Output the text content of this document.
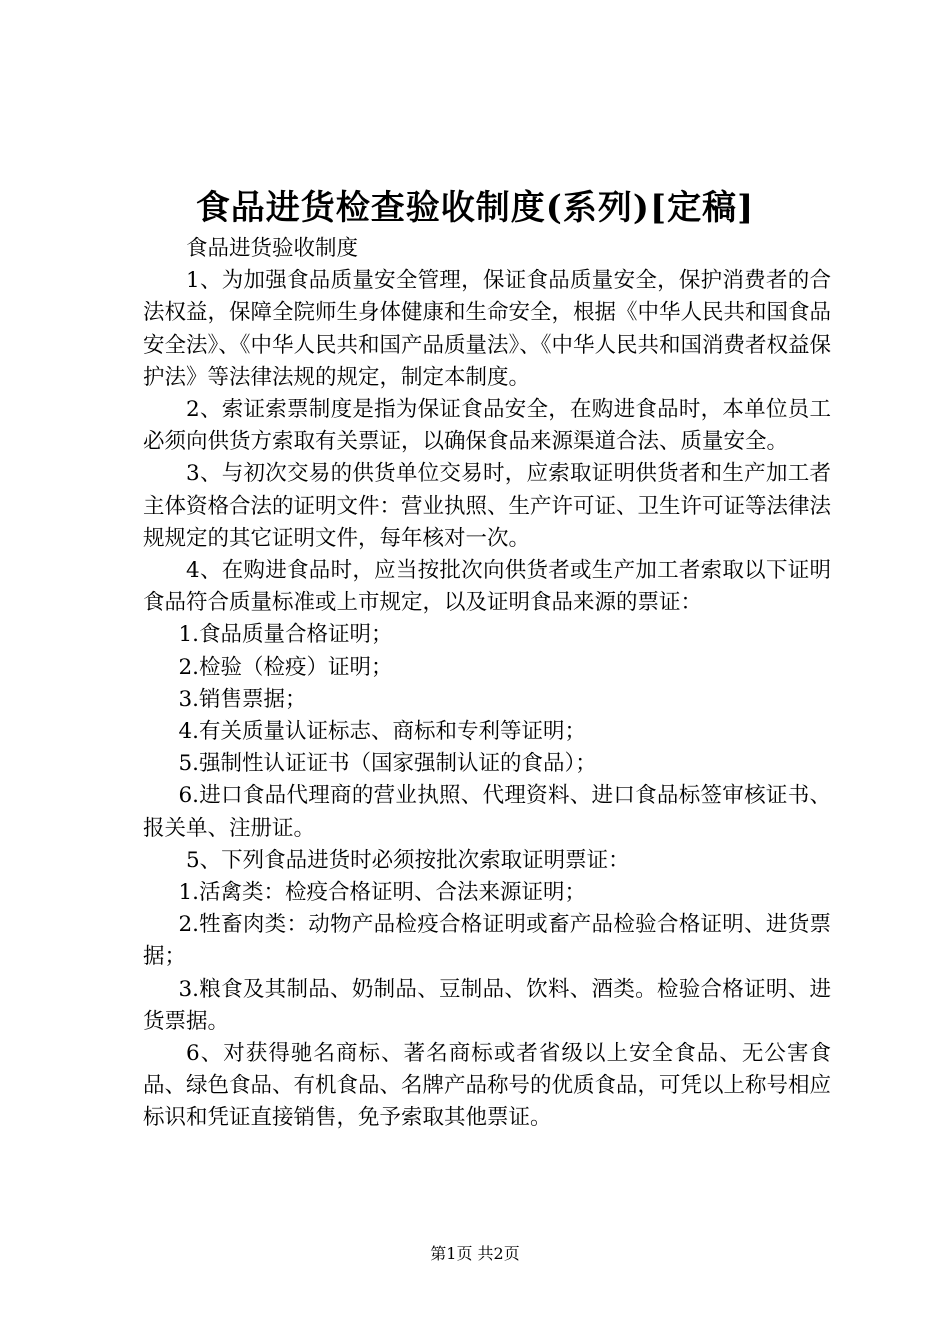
食品进货检查验收制度(系列)[定稿]

食品进货验收制度

1、为加强食品质量安全管理，保证食品质量安全，保护消费者的合法权益，保障全院师生身体健康和生命安全，根据《中华人民共和国食品安全法》、《中华人民共和国产品质量法》、《中华人民共和国消费者权益保护法》等法律法规的规定，制定本制度。

2、索证索票制度是指为保证食品安全，在购进食品时，本单位员工必须向供货方索取有关票证，以确保食品来源渠道合法、质量安全。

3、与初次交易的供货单位交易时，应索取证明供货者和生产加工者主体资格合法的证明文件：营业执照、生产许可证、卫生许可证等法律法规规定的其它证明文件，每年核对一次。

4、在购进食品时，应当按批次向供货者或生产加工者索取以下证明食品符合质量标准或上市规定，以及证明食品来源的票证：

1.食品质量合格证明；

2.检验（检疫）证明；

3.销售票据；

4.有关质量认证标志、商标和专利等证明；

5.强制性认证证书（国家强制认证的食品）；

6.进口食品代理商的营业执照、代理资料、进口食品标签审核证书、报关单、注册证。

5、下列食品进货时必须按批次索取证明票证：

1.活禽类：检疫合格证明、合法来源证明；

2.牲畜肉类：动物产品检疫合格证明或畜产品检验合格证明、进货票据；

3.粮食及其制品、奶制品、豆制品、饮料、酒类。检验合格证明、进货票据。

6、对获得驰名商标、著名商标或者省级以上安全食品、无公害食品、绿色食品、有机食品、名牌产品称号的优质食品，可凭以上称号相应标识和凭证直接销售，免予索取其他票证。

第1页 共2页
